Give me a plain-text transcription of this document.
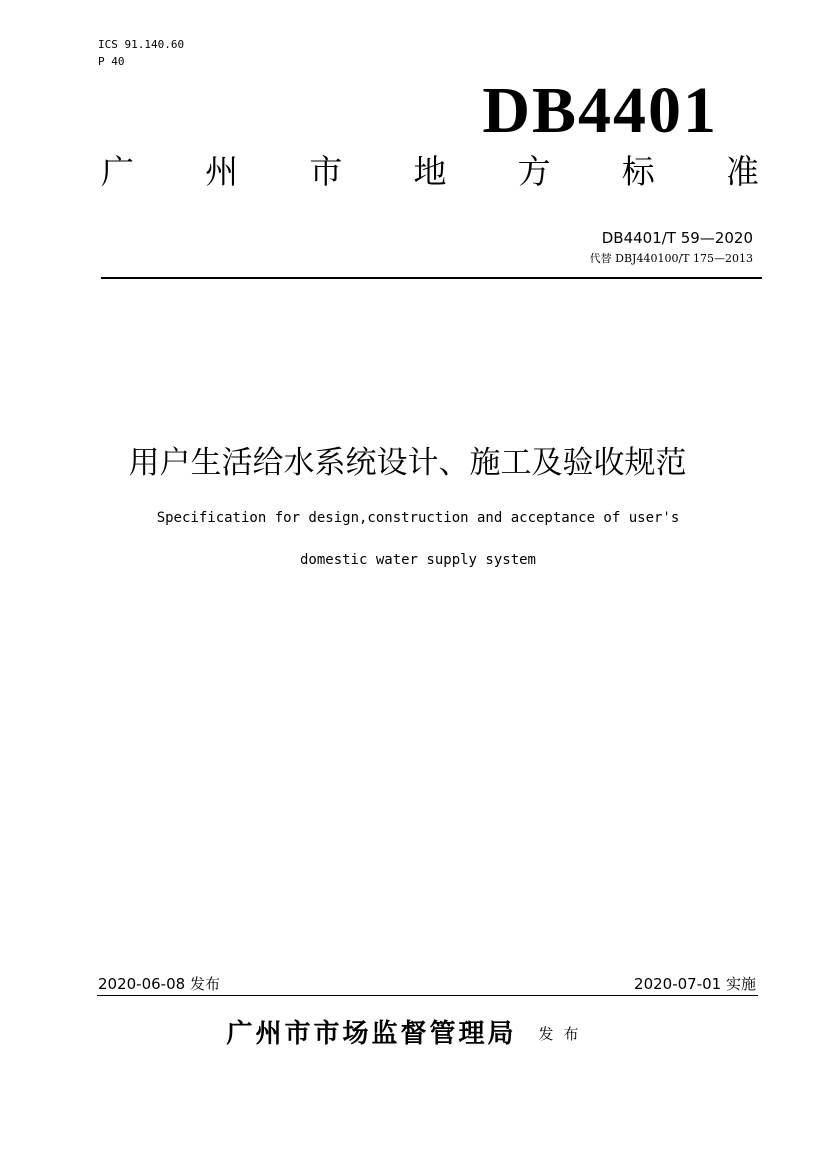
ICS 91.140.60
P 40
DB4401
广 州 市 地 方 标 准
DB4401/T 59—2020
代替 DBJ440100/T 175—2013
用户生活给水系统设计、施工及验收规范
Specification for design,construction and acceptance of user's
domestic water supply system
2020-06-08 发布	2020-07-01 实施
广州市市场监督管理局 发布
